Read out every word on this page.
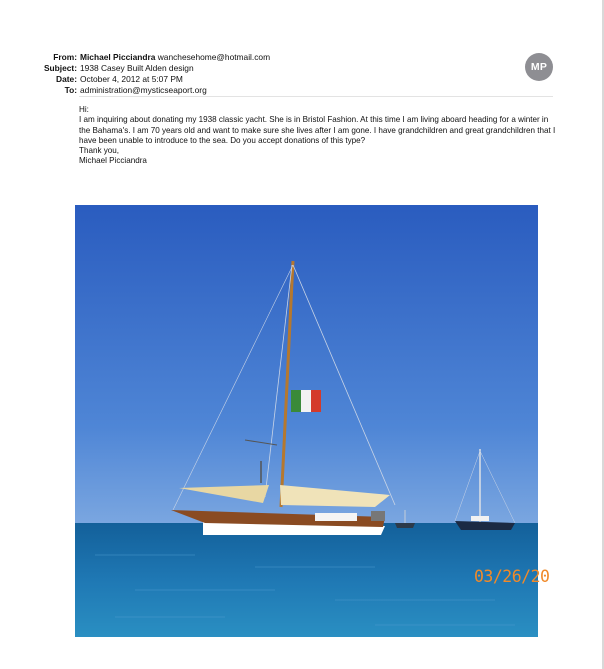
From: Michael Picciandra wanchesehome@hotmail.com
Subject: 1938 Casey Built Alden design
Date: October 4, 2012 at 5:07 PM
To: administration@mysticseaport.org
MP

Hi:

I am inquiring about donating my 1938 classic yacht. She is in Bristol Fashion. At this time I am living aboard heading for a winter in the Bahama's. I am 70 years old and want to make sure she lives after I am gone. I have grandchildren and great grandchildren that I have been unable to introduce to the sea. Do you accept donations of this type?

Thank you,

Michael Picciandra

03/26/20
